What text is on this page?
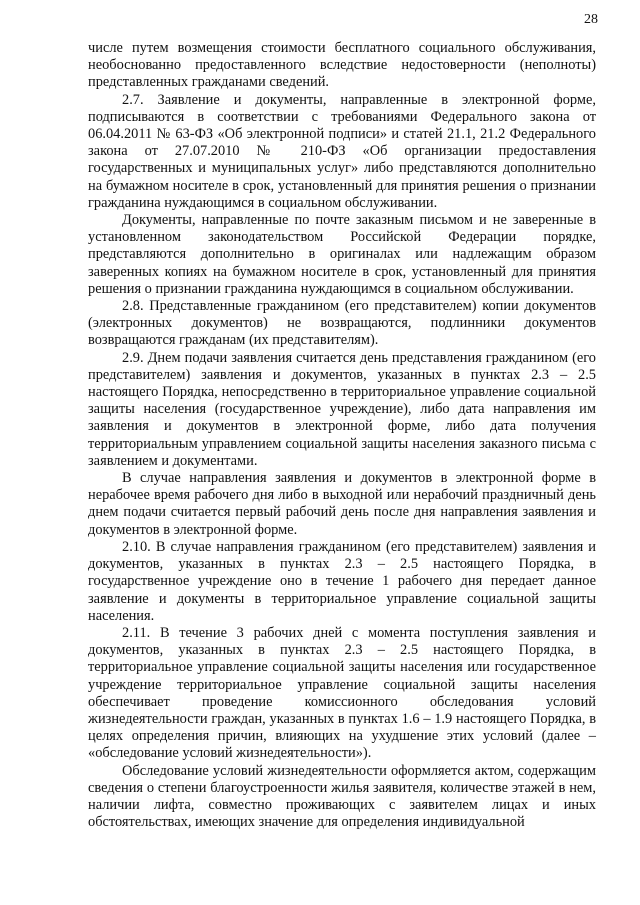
28

числе путем возмещения стоимости бесплатного социального обслуживания, необоснованно предоставленного вследствие недостоверности (неполноты) представленных гражданами сведений.

2.7. Заявление и документы, направленные в электронной форме, подписываются в соответствии с требованиями Федерального закона от 06.04.2011 № 63-ФЗ «Об электронной подписи» и статей 21.1, 21.2 Федерального закона от 27.07.2010 № 210-ФЗ «Об организации предоставления государственных и муниципальных услуг» либо представляются дополнительно на бумажном носителе в срок, установленный для принятия решения о признании гражданина нуждающимся в социальном обслуживании.

Документы, направленные по почте заказным письмом и не заверенные в установленном законодательством Российской Федерации порядке, представляются дополнительно в оригиналах или надлежащим образом заверенных копиях на бумажном носителе в срок, установленный для принятия решения о признании гражданина нуждающимся в социальном обслуживании.

2.8. Представленные гражданином (его представителем) копии документов (электронных документов) не возвращаются, подлинники документов возвращаются гражданам (их представителям).

2.9. Днем подачи заявления считается день представления гражданином (его представителем) заявления и документов, указанных в пунктах 2.3 – 2.5 настоящего Порядка, непосредственно в территориальное управление социальной защиты населения (государственное учреждение), либо дата направления им заявления и документов в электронной форме, либо дата получения территориальным управлением социальной защиты населения заказного письма с заявлением и документами.

В случае направления заявления и документов в электронной форме в нерабочее время рабочего дня либо в выходной или нерабочий праздничный день днем подачи считается первый рабочий день после дня направления заявления и документов в электронной форме.

2.10. В случае направления гражданином (его представителем) заявления и документов, указанных в пунктах 2.3 – 2.5 настоящего Порядка, в государственное учреждение оно в течение 1 рабочего дня передает данное заявление и документы в территориальное управление социальной защиты населения.

2.11. В течение 3 рабочих дней с момента поступления заявления и документов, указанных в пунктах 2.3 – 2.5 настоящего Порядка, в территориальное управление социальной защиты населения или государственное учреждение территориальное управление социальной защиты населения обеспечивает проведение комиссионного обследования условий жизнедеятельности граждан, указанных в пунктах 1.6 – 1.9 настоящего Порядка, в целях определения причин, влияющих на ухудшение этих условий (далее – «обследование условий жизнедеятельности»).

Обследование условий жизнедеятельности оформляется актом, содержащим сведения о степени благоустроенности жилья заявителя, количестве этажей в нем, наличии лифта, совместно проживающих с заявителем лицах и иных обстоятельствах, имеющих значение для определения индивидуальной
